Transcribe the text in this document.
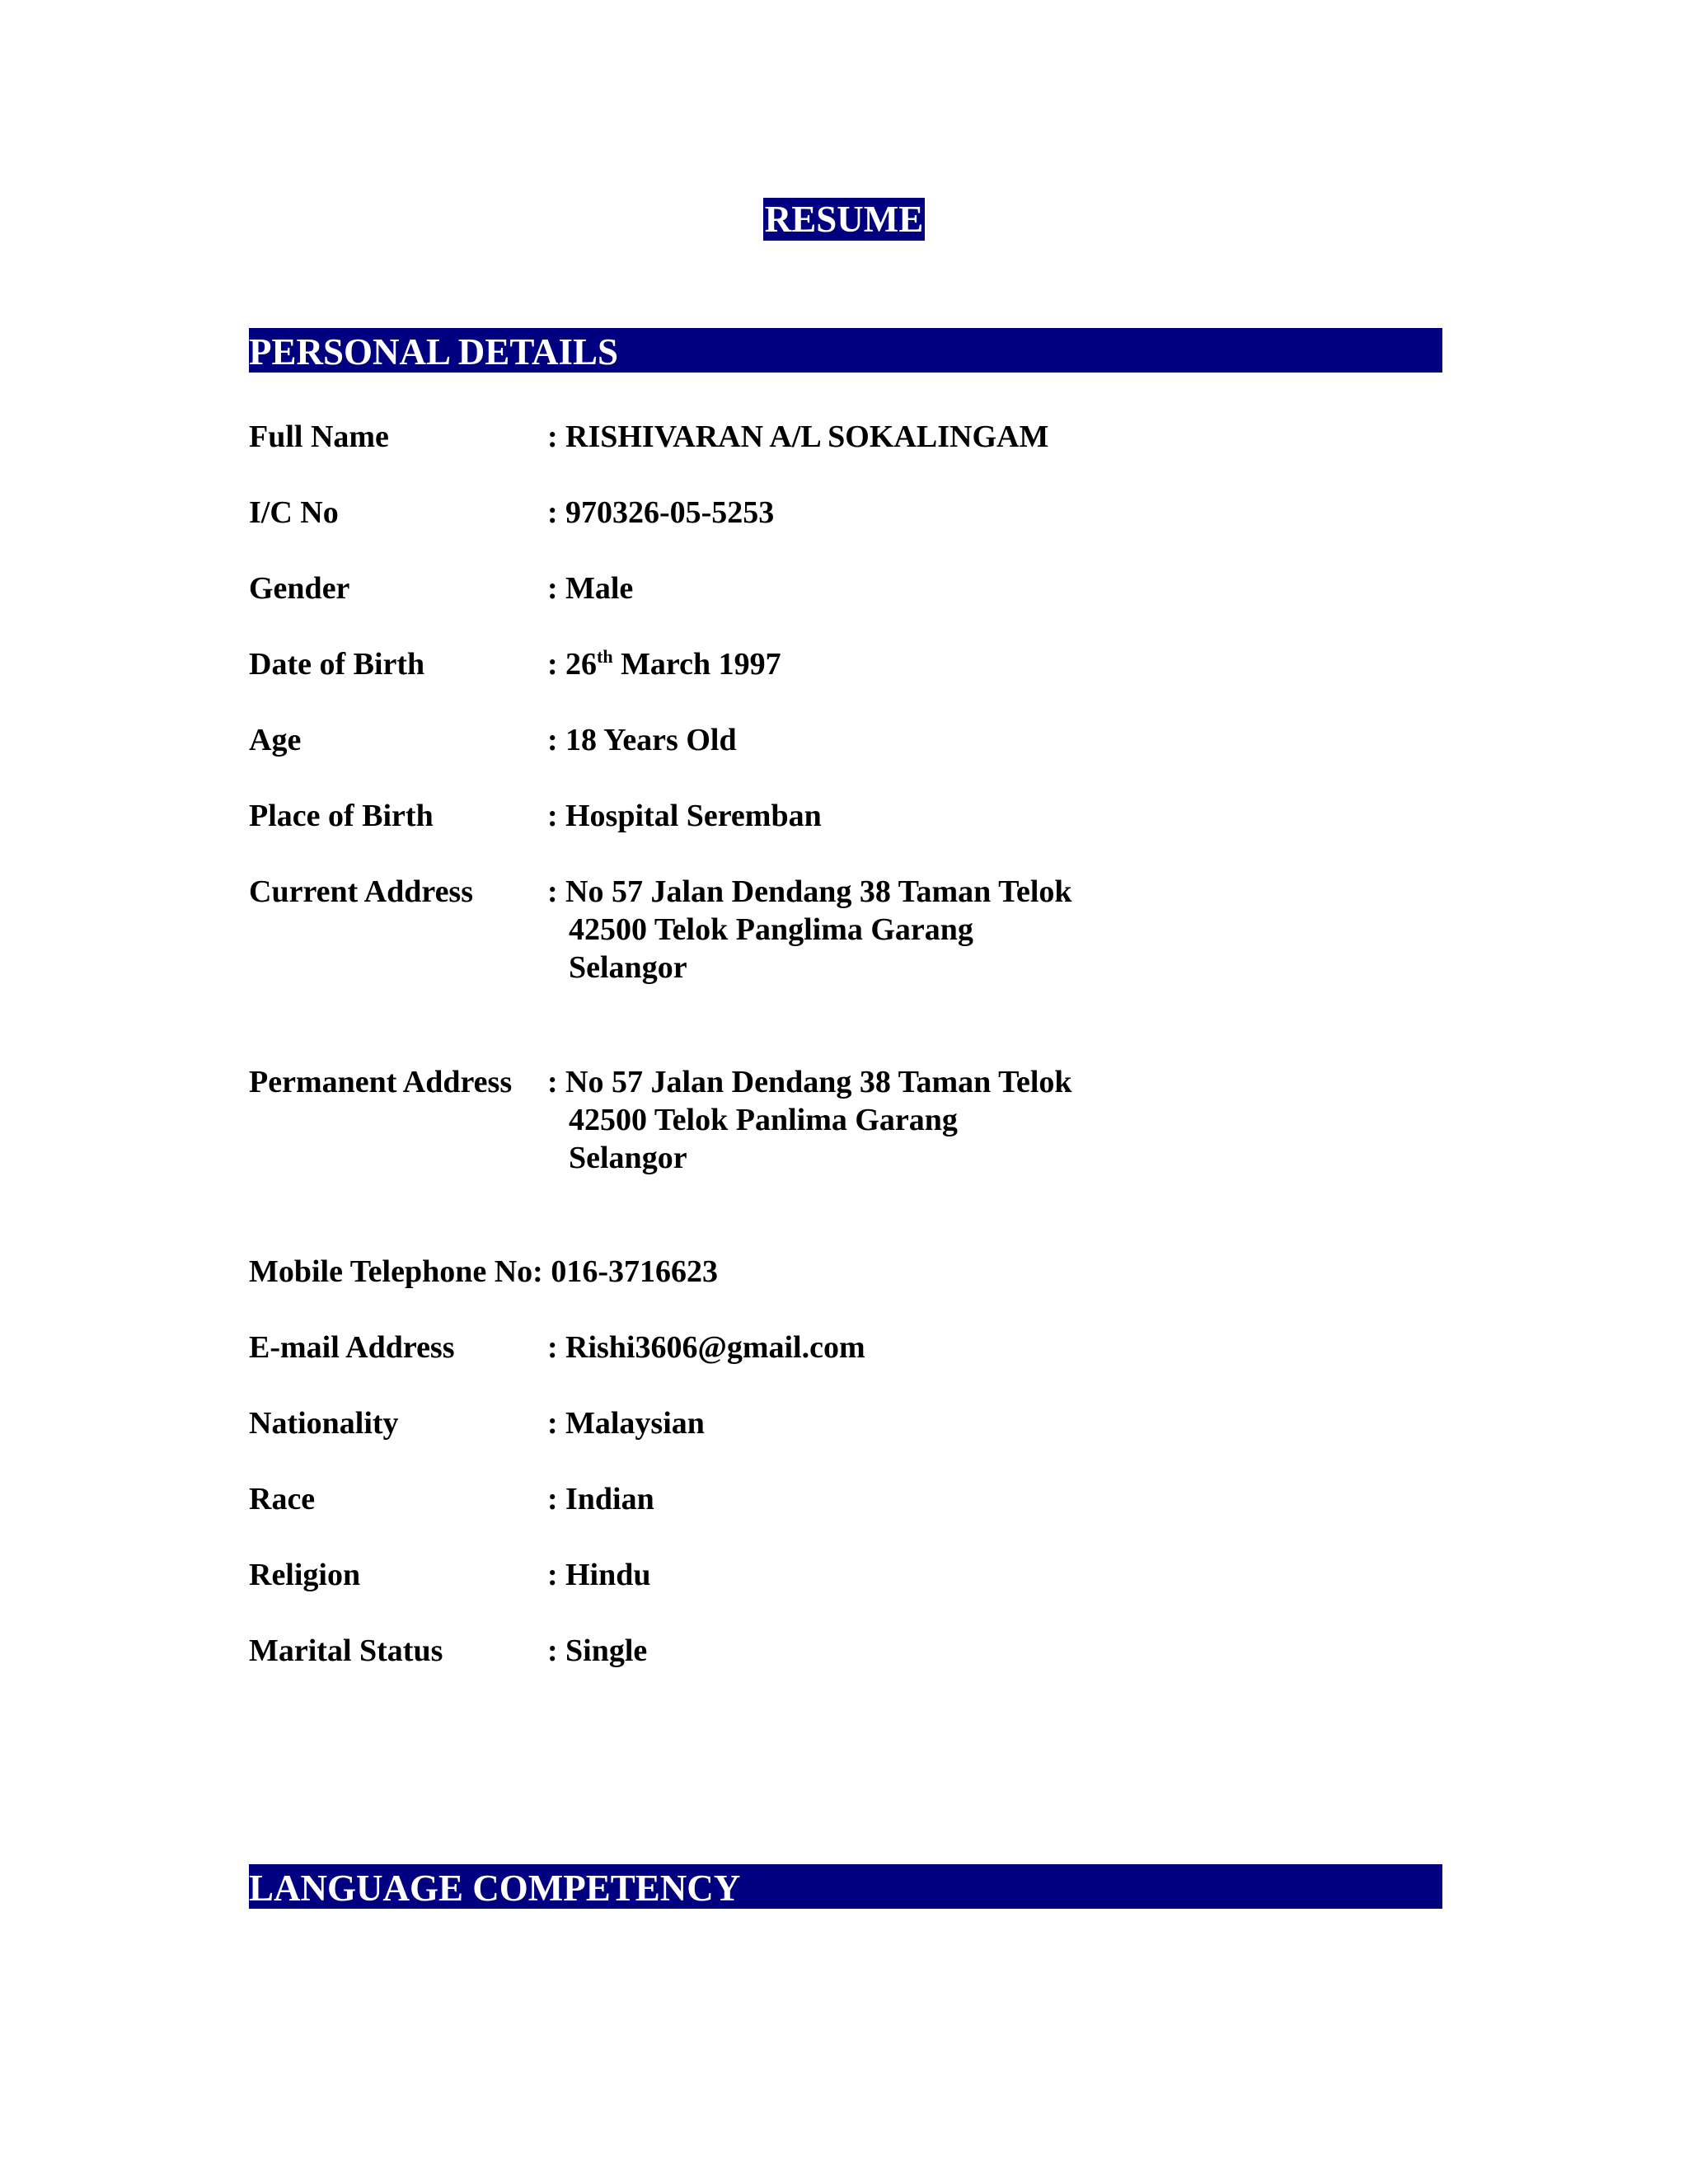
RESUME
PERSONAL DETAILS
Full Name	: RISHIVARAN A/L SOKALINGAM
I/C No	: 970326-05-5253
Gender	: Male
Date of Birth	: 26th March 1997
Age	: 18 Years Old
Place of Birth	: Hospital Seremban
Current Address : No 57 Jalan Dendang 38 Taman Telok
42500 Telok Panglima Garang
Selangor
Permanent Address : No 57 Jalan Dendang 38 Taman Telok
42500 Telok Panlima Garang
Selangor
Mobile Telephone No: 016-3716623
E-mail Address	: Rishi3606@gmail.com
Nationality	: Malaysian
Race	: Indian
Religion	: Hindu
Marital Status	: Single
LANGUAGE COMPETENCY
